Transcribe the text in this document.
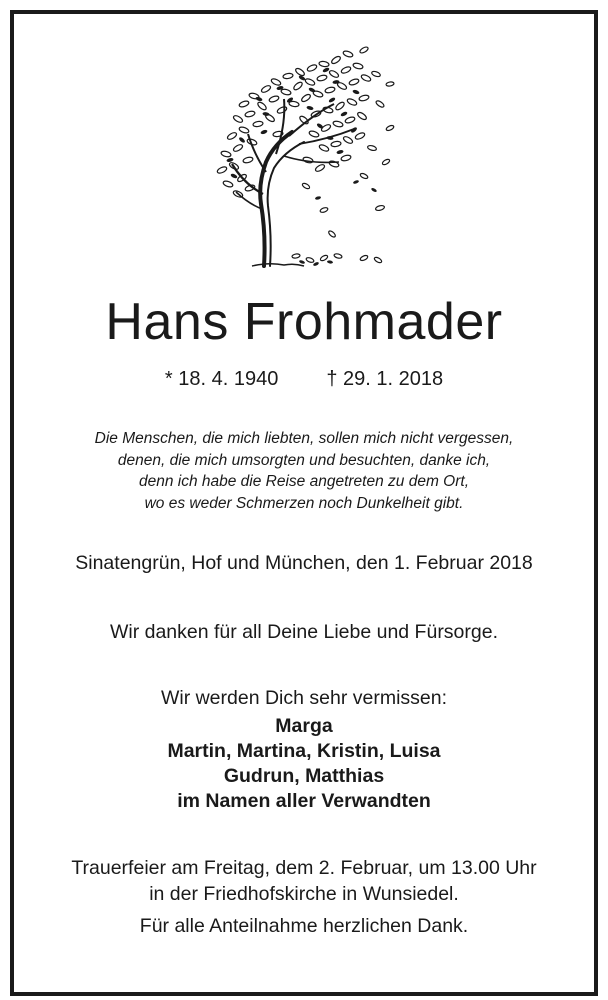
Hans Frohmader
* 18. 4. 1940 † 29. 1. 2018
Die Menschen, die mich liebten, sollen mich nicht vergessen,
denen, die mich umsorgten und besuchten, danke ich,
denn ich habe die Reise angetreten zu dem Ort,
wo es weder Schmerzen noch Dunkelheit gibt.
Sinatengrün, Hof und München, den 1. Februar 2018
Wir danken für all Deine Liebe und Fürsorge.
Wir werden Dich sehr vermissen:
Marga
Martin, Martina, Kristin, Luisa
Gudrun, Matthias
im Namen aller Verwandten
Trauerfeier am Freitag, dem 2. Februar, um 13.00 Uhr
in der Friedhofskirche in Wunsiedel.
Für alle Anteilnahme herzlichen Dank.
